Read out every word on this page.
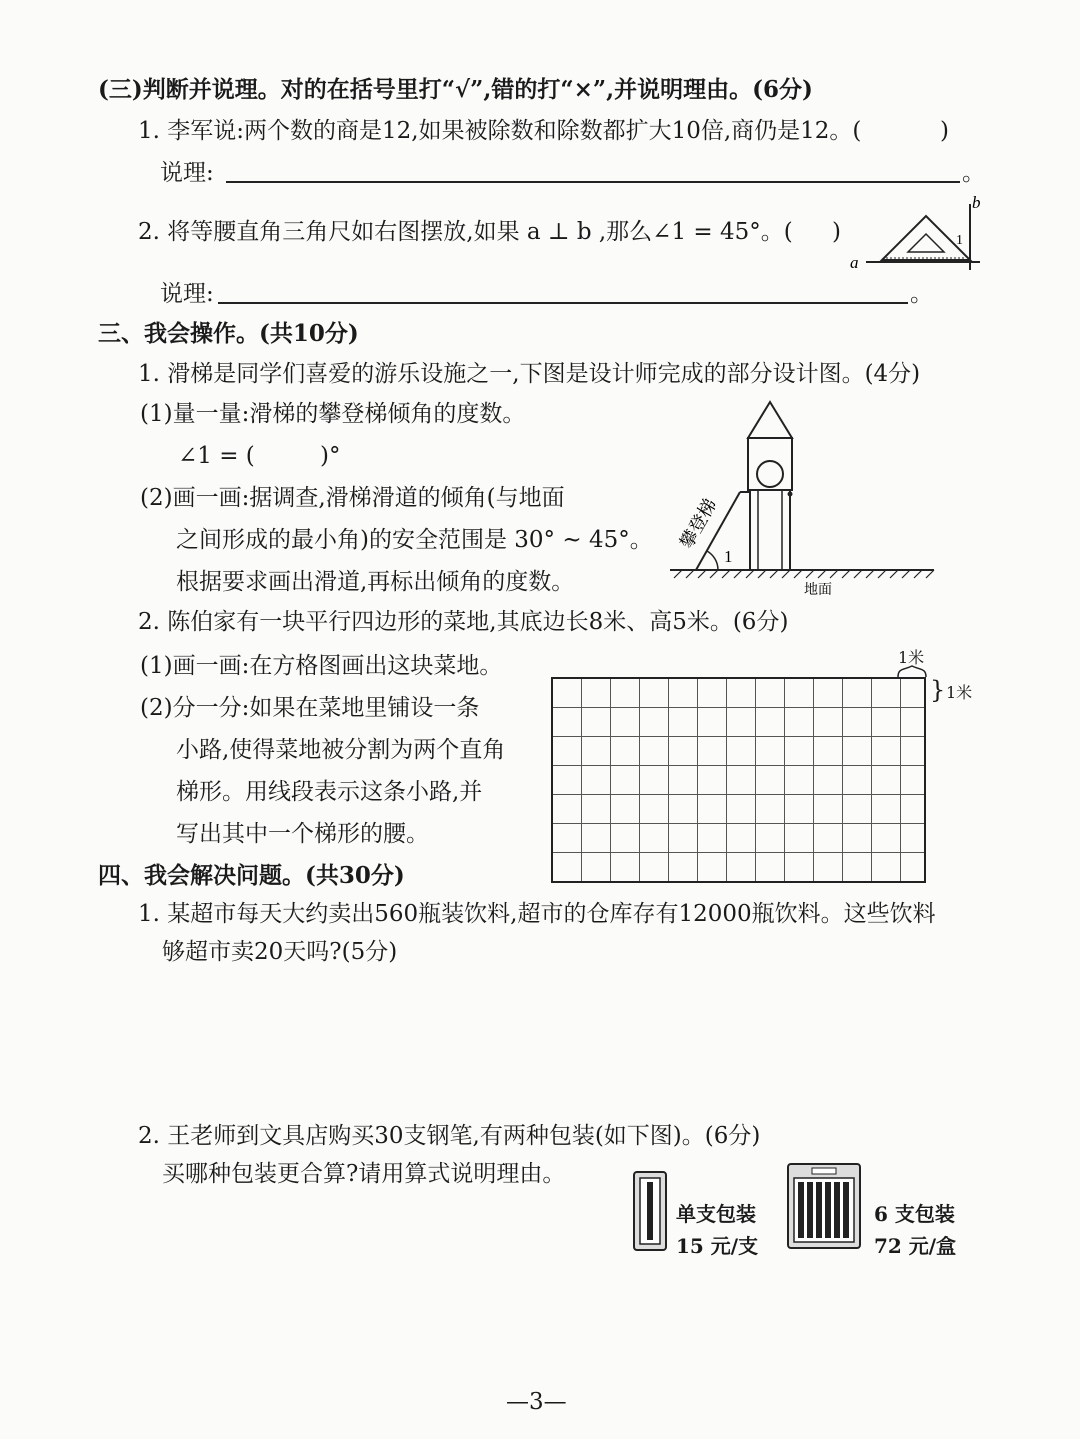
(三)判断并说理。对的在括号里打“√”,错的打“×”,并说明理由。(6分)
1. 李军说:两个数的商是12,如果被除数和除数都扩大10倍,商仍是12。(	)
说理:	。
2. 将等腰直角三角尺如右图摆放,如果 a ⊥ b ,那么∠1 = 45°。( )
a
b
1
说理:	。
三、我会操作。(共10分)
1. 滑梯是同学们喜爱的游乐设施之一,下图是设计师完成的部分设计图。(4分)
(1)量一量:滑梯的攀登梯倾角的度数。
∠1 = (	)°
(2)画一画:据调查,滑梯滑道的倾角(与地面
之间形成的最小角)的安全范围是 30° ~ 45°。
根据要求画出滑道,再标出倾角的度数。
攀登梯
1
地面
2. 陈伯家有一块平行四边形的菜地,其底边长8米、高5米。(6分)
(1)画一画:在方格图画出这块菜地。
(2)分一分:如果在菜地里铺设一条
小路,使得菜地被分割为两个直角
梯形。用线段表示这条小路,并
写出其中一个梯形的腰。
1米
} 1米
四、我会解决问题。(共30分)
1. 某超市每天大约卖出560瓶装饮料,超市的仓库存有12000瓶饮料。这些饮料
够超市卖20天吗?(5分)
2. 王老师到文具店购买30支钢笔,有两种包装(如下图)。(6分)
买哪种包装更合算?请用算式说明理由。
单支包装
15 元/支
6 支包装
72 元/盒
—3—
